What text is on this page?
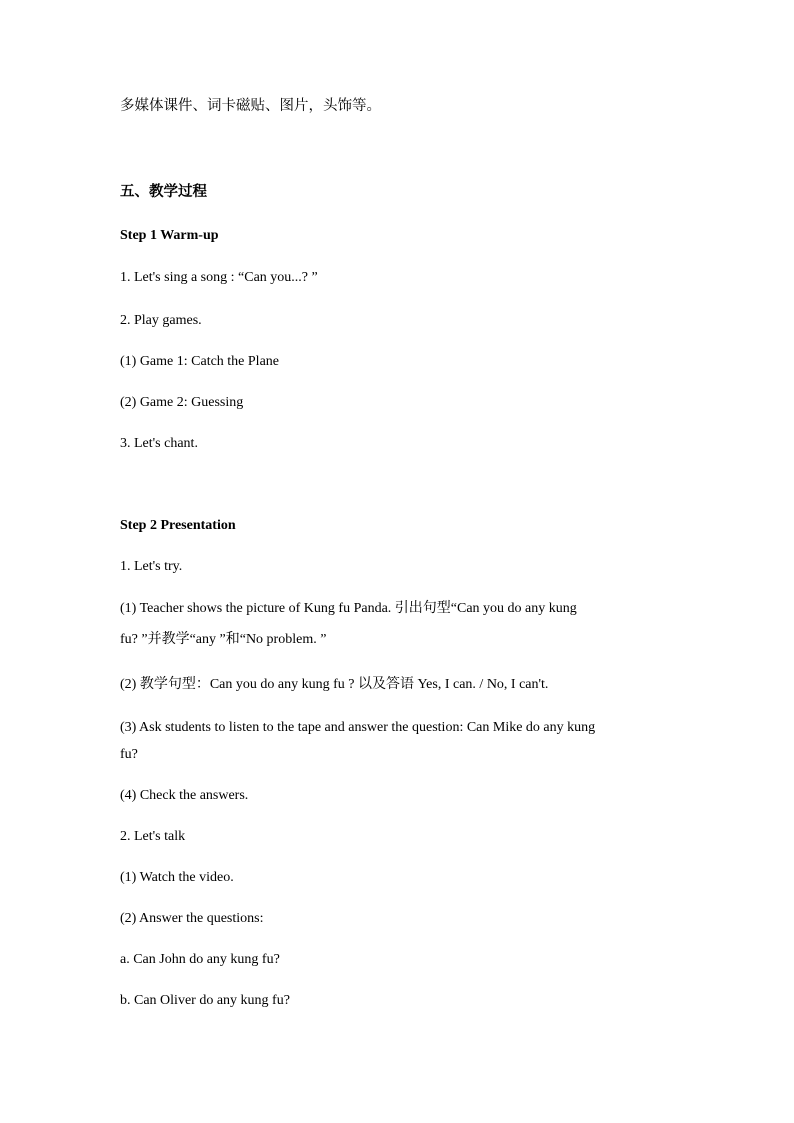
多媒体课件、词卡磁贴、图片，头饰等。
五、教学过程
Step 1 Warm-up
1. Let's sing a song : “Can you...? ”
2. Play games.
(1) Game 1: Catch the Plane
(2) Game 2: Guessing
3. Let's chant.
Step 2 Presentation
1. Let's try.
(1) Teacher shows the picture of Kung fu Panda. 引出句型“Can you do any kung
fu? ”并教学“any ”和“No problem. ”
(2) 教学句型：Can you do any kung fu ? 以及答语 Yes, I can. / No, I can't.
(3) Ask students to listen to the tape and answer the question: Can Mike do any kung
fu?
(4) Check the answers.
2. Let's talk
(1) Watch the video.
(2) Answer the questions:
a. Can John do any kung fu?
b. Can Oliver do any kung fu?
